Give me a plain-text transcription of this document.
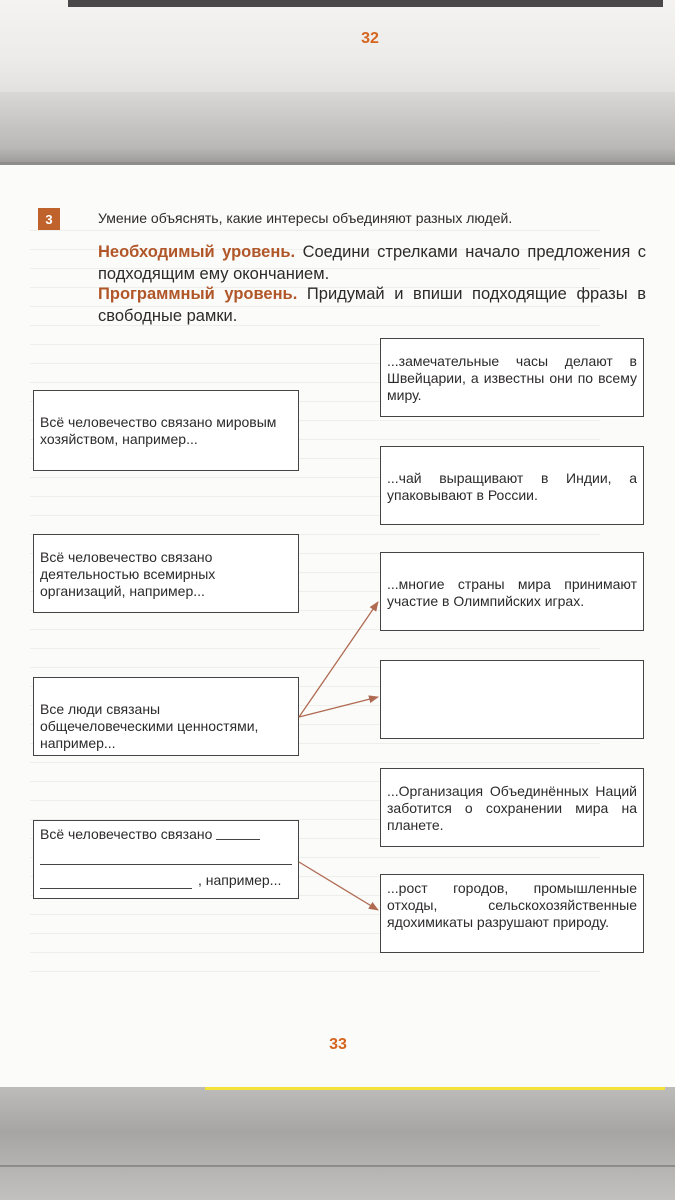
32
3	Умение объяснять, какие интересы объединяют разных людей.
Необходимый уровень. Соедини стрелками начало предложения с подходящим ему окончанием.
Программный уровень. Придумай и впиши подходящие фразы в свободные рамки.
Всё человечество связано мировым хозяйством, например...
Всё человечество связано деятельностью всемирных организаций, например...
Все люди связаны общечеловеческими ценностями, например...
Всё человечество связано
, например...
...замечательные часы делают в Швейцарии, а известны они по всему миру.
...чай выращивают в Индии, а упаковывают в России.
...многие страны мира принимают участие в Олимпийских играх.
...Организация Объединённых Наций заботится о сохранении мира на планете.
...рост городов, промышленные отходы, сельскохозяйственные ядохимикаты разрушают природу.
33
